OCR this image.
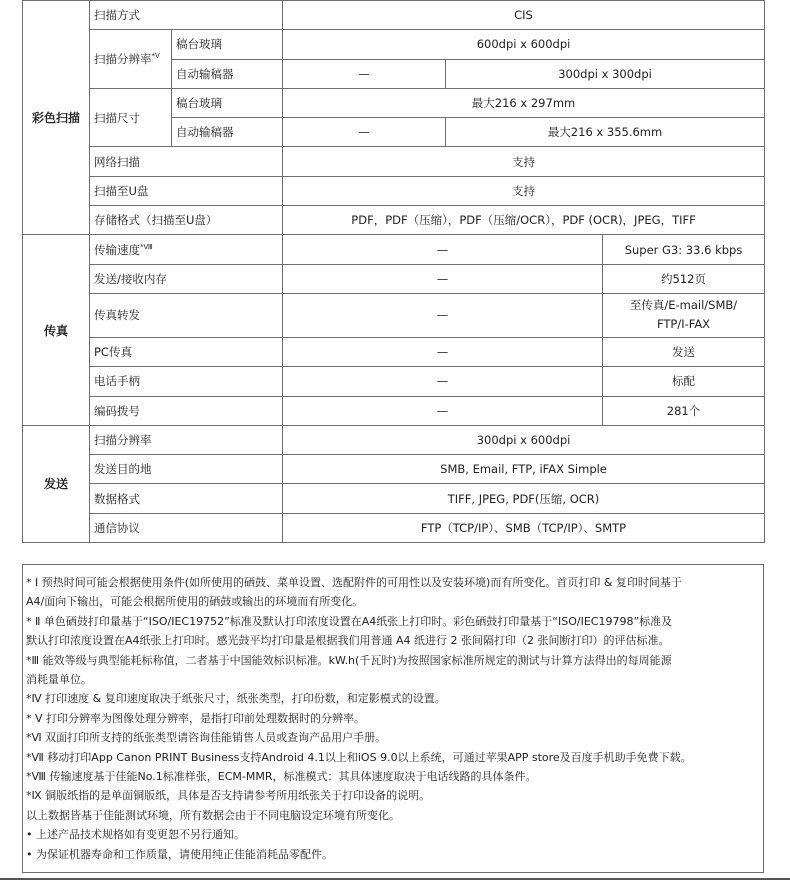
彩色扫描	扫描方式		CIS		
	扫描分辨率$^{*Ⅴ}$	稿台玻璃	600dpi x 600dpi		
		自动输稿器	—	300dpi x 300dpi	
	扫描尺寸	稿台玻璃	最大216 x 297mm		
		自动输稿器	—	最大216 x 355.6mm	
	网络扫描		支持		
	扫描至U盘		支持		
	存储格式（扫描至U盘）		PDF，PDF（压缩），PDF（压缩/OCR），PDF (OCR)，JPEG，TIFF		
传真	传输速度$^{*Ⅷ}$		—		Super G3: 33.6 kbps
	发送/接收内存		—		约512页
	传真转发		—		至传真/E-mail/SMB/
FTP/I-FAX
	PC传真		—		发送
	电话手柄		—		标配
	编码拨号		—		281个
发送	扫描分辨率		300dpi x 600dpi		
	发送目的地		SMB, Email, FTP, iFAX Simple		
	数据格式		TIFF, JPEG, PDF(压缩, OCR)		
	通信协议		FTP（TCP/IP）、SMB（TCP/IP）、SMTP		

* Ⅰ 预热时间可能会根据使用条件(如所使用的硒鼓、菜单设置、选配附件的可用性以及安装环境)而有所变化。首页打印 & 复印时间基于

A4/面向下输出，可能会根据所使用的硒鼓或输出的环境而有所变化。

* Ⅱ 单色硒鼓打印量基于“ISO/IEC19752”标准及默认打印浓度设置在A4纸张上打印时。彩色硒鼓打印量基于“ISO/IEC19798”标准及

默认打印浓度设置在A4纸张上打印时。感光鼓平均打印量是根据我们用普通 A4 纸进行 2 张间隔打印（2 张间断打印）的评估标准。

*Ⅲ 能效等级与典型能耗标称值，二者基于中国能效标识标准。kW.h(千瓦时)为按照国家标准所规定的测试与计算方法得出的每周能源

消耗量单位。

*Ⅳ 打印速度 & 复印速度取决于纸张尺寸，纸张类型，打印份数，和定影模式的设置。

* Ⅴ 打印分辨率为图像处理分辨率，是指打印前处理数据时的分辨率。

*Ⅵ 双面打印所支持的纸张类型请咨询佳能销售人员或查询产品用户手册。

*Ⅶ 移动打印App Canon PRINT Business支持Android 4.1以上和iOS 9.0以上系统，可通过苹果APP store及百度手机助手免费下载。

*Ⅷ 传输速度基于佳能No.1标准样张，ECM-MMR，标准模式：其具体速度取决于电话线路的具体条件。

*Ⅸ 铜版纸指的是单面铜版纸，具体是否支持请参考所用纸张关于打印设备的说明。

以上数据皆基于佳能测试环境，所有数据会由于不同电脑设定环境有所变化。

• 上述产品技术规格如有变更恕不另行通知。

• 为保证机器寿命和工作质量，请使用纯正佳能消耗品零配件。
